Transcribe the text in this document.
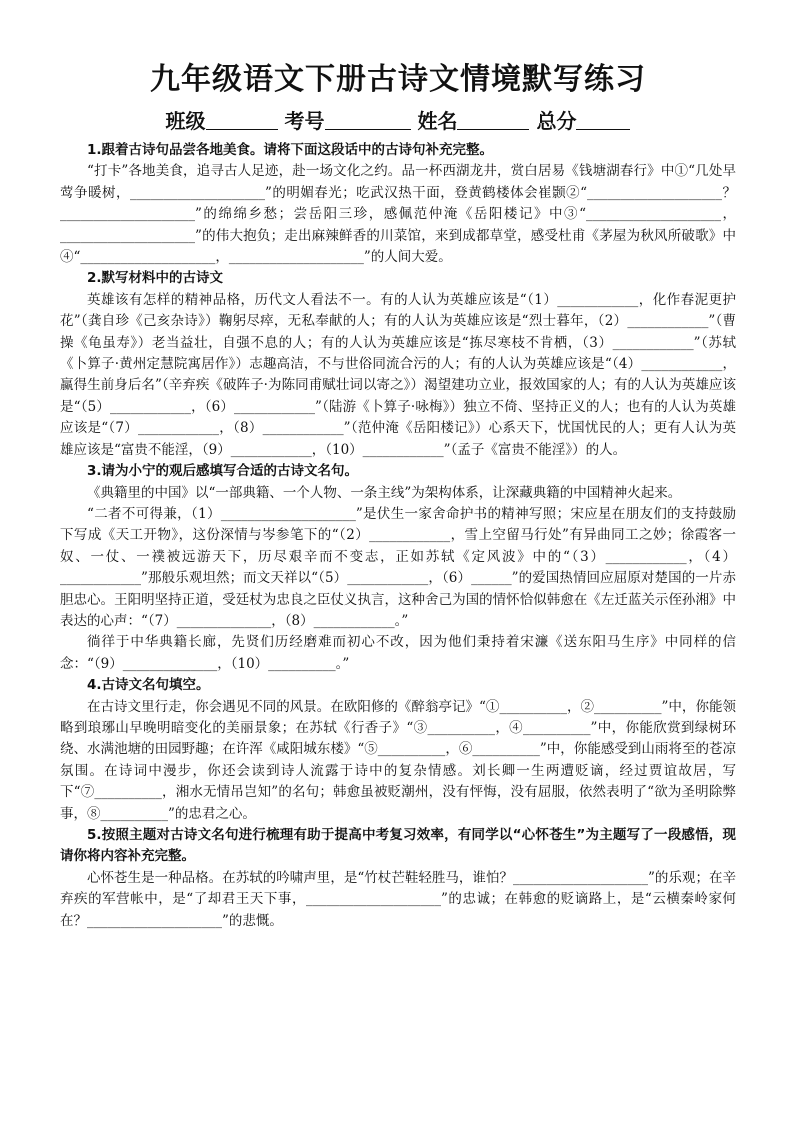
九年级语文下册古诗文情境默写练习
班级	考号	姓名	总分

1.跟着古诗句品尝各地美食。请将下面这段话中的古诗句补充完整。

“打卡”各地美食，追寻古人足迹，赴一场文化之约。品一杯西湖龙井，赏白居易《钱塘湖春行》中①“几处早莺争暖树，____________________”的明媚春光；吃武汉热干面，登黄鹤楼体会崔颢②“____________________？　____________________”的绵绵乡愁；尝岳阳三珍，感佩范仲淹《岳阳楼记》中③“____________________，____________________”的伟大抱负；走出麻辣鲜香的川菜馆，来到成都草堂，感受杜甫《茅屋为秋风所破歌》中④“____________________，____________________”的人间大爱。

2.默写材料中的古诗文

英雄该有怎样的精神品格，历代文人看法不一。有的人认为英雄应该是“（1）____________，化作春泥更护花”（龚自珍《己亥杂诗》）鞠躬尽瘁，无私奉献的人；有的人认为英雄应该是“烈士暮年，（2）____________”（曹操《龟虽寿》）老当益壮，自强不息的人；有的人认为英雄应该是“拣尽寒枝不肯栖，（3）____________”（苏轼《卜算子·黄州定慧院寓居作》）志趣高洁，不与世俗同流合污的人；有的人认为英雄应该是“（4）____________，赢得生前身后名”（辛弃疾《破阵子·为陈同甫赋壮词以寄之》）渴望建功立业，报效国家的人；有的人认为英雄应该是“（5）____________，（6）____________”（陆游《卜算子·咏梅》）独立不倚、坚持正义的人；也有的人认为英雄应该是“（7）____________，（8）____________”（范仲淹《岳阳楼记》）心系天下，忧国忧民的人；更有人认为英雄应该是“富贵不能淫，（9）____________，（10）____________”（孟子《富贵不能淫》）的人。

3.请为小宁的观后感填写合适的古诗文名句。

《典籍里的中国》以“一部典籍、一个人物、一条主线”为架构体系，让深藏典籍的中国精神火起来。

“二者不可得兼，（1）____________________”是伏生一家舍命护书的精神写照；宋应星在朋友们的支持鼓励下写成《天工开物》，这份深情与岑参笔下的“（2）____________，雪上空留马行处”有异曲同工之妙；徐霞客一奴、一仗、一襆被远游天下，历尽艰辛而不变志，正如苏轼《定风波》中的“（3）____________，（4）____________”那般乐观坦然；而文天祥以“（5）____________，（6）______”的爱国热情回应屈原对楚国的一片赤胆忠心。王阳明坚持正道，受廷杖为忠良之臣仗义执言，这种舍己为国的情怀恰似韩愈在《左迁蓝关示侄孙湘》中表达的心声：“（7）______________，（8）____________。”

徜徉于中华典籍长廊，先贤们历经磨难而初心不改，因为他们秉持着宋濂《送东阳马生序》中同样的信念：“（9）______________，（10）__________。”

4.古诗文名句填空。

在古诗文里行走，你会遇见不同的风景。在欧阳修的《醉翁亭记》“①__________，②__________”中，你能领略到琅琊山早晚明暗变化的美丽景象；在苏轼《行香子》“③__________，④__________”中，你能欣赏到绿树环绕、水满池塘的田园野趣；在许浑《咸阳城东楼》“⑤__________，⑥__________”中，你能感受到山雨将至的苍凉氛围。在诗词中漫步，你还会读到诗人流露于诗中的复杂情感。刘长卿一生两遭贬谪，经过贾谊故居，写下“⑦__________，湘水无情吊岂知”的名句；韩愈虽被贬潮州，没有怦悔，没有屈服，依然表明了“欲为圣明除弊事，⑧__________”的忠君之心。

5.按照主题对古诗文名句进行梳理有助于提高中考复习效率，有同学以“心怀苍生”为主题写了一段感悟，现请你将内容补充完整。

心怀苍生是一种品格。在苏轼的吟啸声里，是“竹杖芒鞋轻胜马，谁怕？____________________”的乐观；在辛弃疾的军营帐中，是“了却君王天下事，____________________”的忠诚；在韩愈的贬谪路上，是“云横秦岭家何在？____________________”的悲慨。
